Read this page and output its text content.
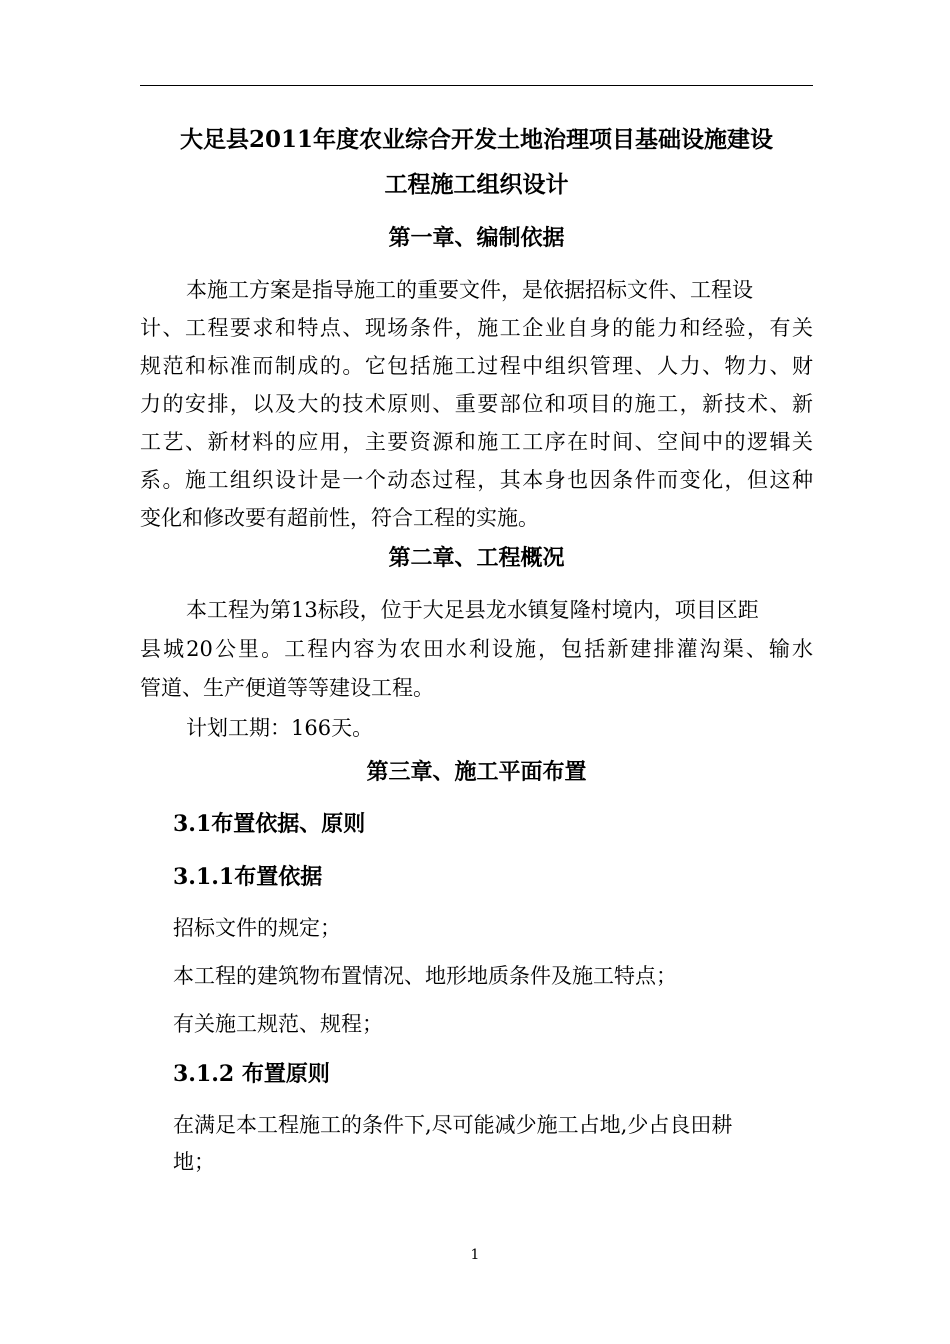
大足县2011年度农业综合开发土地治理项目基础设施建设
工程施工组织设计
第一章、编制依据
本施工方案是指导施工的重要文件，是依据招标文件、工程设
计、工程要求和特点、现场条件，施工企业自身的能力和经验，有关
规范和标准而制成的。它包括施工过程中组织管理、人力、物力、财
力的安排，以及大的技术原则、重要部位和项目的施工，新技术、新
工艺、新材料的应用，主要资源和施工工序在时间、空间中的逻辑关
系。施工组织设计是一个动态过程，其本身也因条件而变化，但这种
变化和修改要有超前性，符合工程的实施。
第二章、工程概况
本工程为第13标段，位于大足县龙水镇复隆村境内，项目区距
县城20公里。工程内容为农田水利设施，包括新建排灌沟渠、输水
管道、生产便道等等建设工程。
计划工期：166天。
第三章、施工平面布置
3.1布置依据、原则
3.1.1布置依据
招标文件的规定；
本工程的建筑物布置情况、地形地质条件及施工特点；
有关施工规范、规程；
3.1.2 布置原则
在满足本工程施工的条件下,尽可能减少施工占地,少占良田耕
地；
1
